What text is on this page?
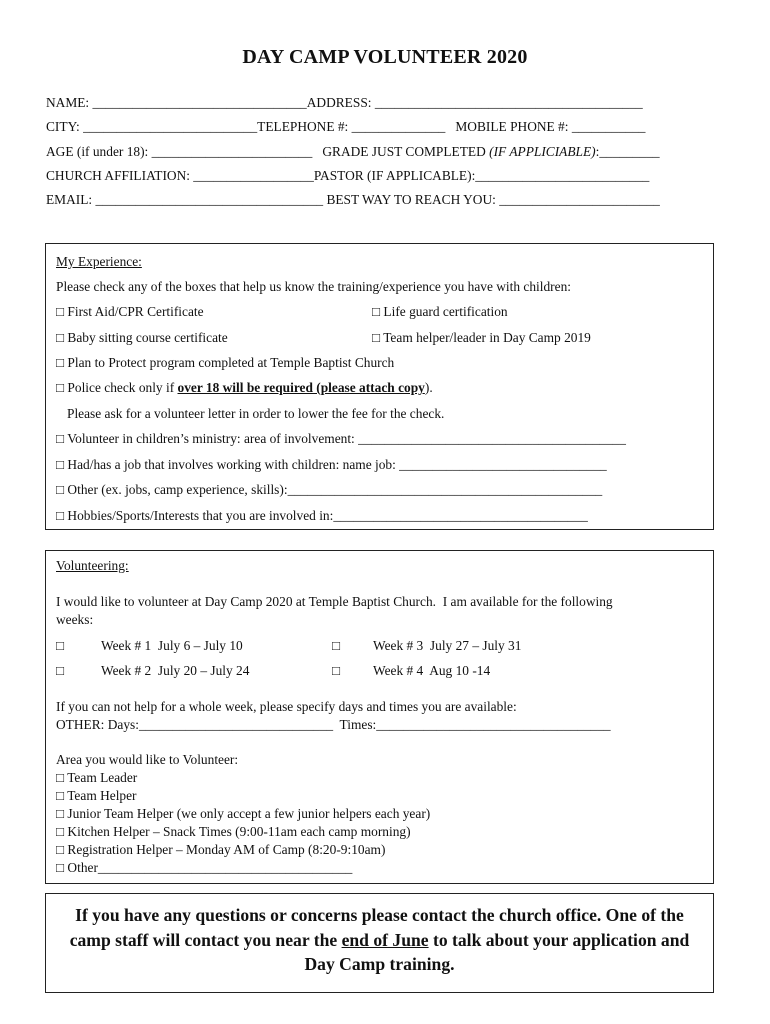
DAY CAMP VOLUNTEER 2020
NAME: ________________________________ADDRESS: ________________________________________
CITY: __________________________TELEPHONE #: ______________   MOBILE PHONE #: ___________
AGE (if under 18): ________________________   GRADE JUST COMPLETED (IF APPLICIABLE):_________
CHURCH AFFILIATION: __________________PASTOR (IF APPLICABLE):__________________________
EMAIL: __________________________________ BEST WAY TO REACH YOU: ________________________
My Experience:
Please check any of the boxes that help us know the training/experience you have with children:
□ First Aid/CPR Certificate	□ Life guard certification
□ Baby sitting course certificate	□ Team helper/leader in Day Camp 2019
□ Plan to Protect program completed at Temple Baptist Church
□ Police check only if over 18 will be required (please attach copy).
Please ask for a volunteer letter in order to lower the fee for the check.
□ Volunteer in children’s ministry: area of involvement: ________________________________________
□ Had/has a job that involves working with children: name job: _______________________________
□ Other (ex. jobs, camp experience, skills):_______________________________________________
□ Hobbies/Sports/Interests that you are involved in:______________________________________
Volunteering:
I would like to volunteer at Day Camp 2020 at Temple Baptist Church.  I am available for the following
weeks:
□	Week # 1  July 6 – July 10	□ Week # 3  July 27 – July 31
□	Week # 2  July 20 – July 24	□ Week # 4  Aug 10 -14
If you can not help for a whole week, please specify days and times you are available:
OTHER: Days:_____________________________  Times:___________________________________
Area you would like to Volunteer:
□ Team Leader
□ Team Helper
□ Junior Team Helper (we only accept a few junior helpers each year)
□ Kitchen Helper – Snack Times (9:00-11am each camp morning)
□ Registration Helper – Monday AM of Camp (8:20-9:10am)
□ Other______________________________________
If you have any questions or concerns please contact the church office. One of the camp staff will contact you near the end of June to talk about your application and Day Camp training.
